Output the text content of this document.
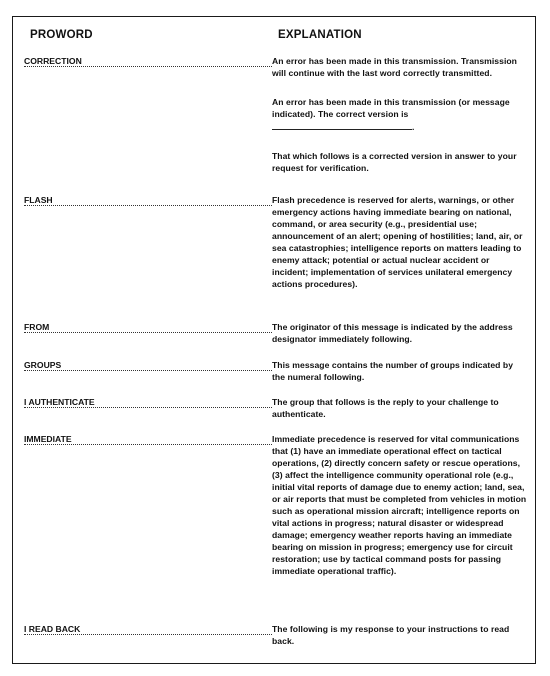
PROWORD	EXPLANATION
CORRECTION	An error has been made in this transmission. Transmission will continue with the last word correctly transmitted.
An error has been made in this transmission (or message indicated). The correct version is
.
That which follows is a corrected version in answer to your request for verification.
FLASH	Flash precedence is reserved for alerts, warnings, or other emergency actions having immediate bearing on national, command, or area security (e.g., presidential use; announcement of an alert; opening of hostilities; land, air, or sea catastrophies; intelligence reports on matters leading to enemy attack; potential or actual nuclear accident or incident; implementation of services unilateral emergency actions procedures).
FROM	The originator of this message is indicated by the address designator immediately following.
GROUPS	This message contains the number of groups indicated by the numeral following.
I AUTHENTICATE	The group that follows is the reply to your challenge to authenticate.
IMMEDIATE	Immediate precedence is reserved for vital communications that (1) have an immediate operational effect on tactical operations, (2) directly concern safety or rescue operations, (3) affect the intelligence community operational role (e.g., initial vital reports of damage due to enemy action; land, sea, or air reports that must be completed from vehicles in motion such as operational mission aircraft; intelligence reports on vital actions in progress; natural disaster or widespread damage; emergency weather reports having an immediate bearing on mission in progress; emergency use for circuit restoration; use by tactical command posts for passing immediate operational traffic).
I READ BACK	The following is my response to your instructions to read back.
